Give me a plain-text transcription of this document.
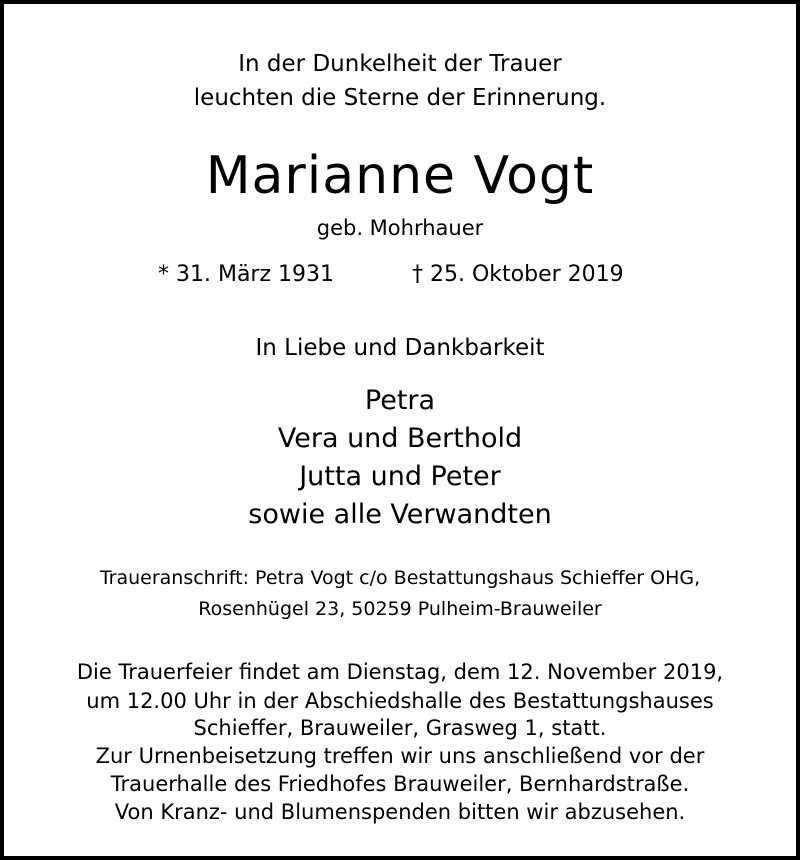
In der Dunkelheit der Trauer
leuchten die Sterne der Erinnerung.
Marianne Vogt
geb. Mohrhauer
* 31. März 1931	† 25. Oktober 2019
In Liebe und Dankbarkeit
Petra
Vera und Berthold
Jutta und Peter
sowie alle Verwandten
Traueranschrift: Petra Vogt c/o Bestattungshaus Schieffer OHG,
Rosenhügel 23, 50259 Pulheim-Brauweiler
Die Trauerfeier findet am Dienstag, dem 12. November 2019,
um 12.00 Uhr in der Abschiedshalle des Bestattungshauses
Schieffer, Brauweiler, Grasweg 1, statt.
Zur Urnenbeisetzung treffen wir uns anschließend vor der
Trauerhalle des Friedhofes Brauweiler, Bernhardstraße.
Von Kranz- und Blumenspenden bitten wir abzusehen.
